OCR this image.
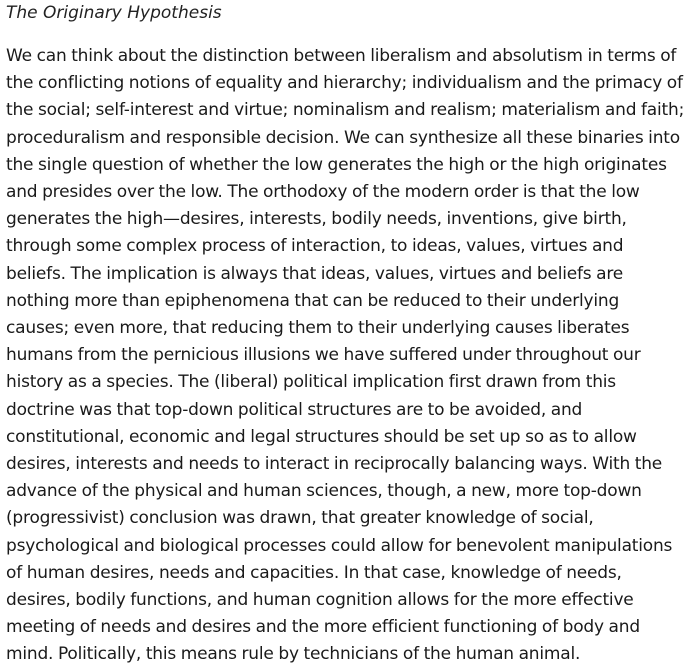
The Originary Hypothesis

We can think about the distinction between liberalism and absolutism in terms of the conflicting notions of equality and hierarchy; individualism and the primacy of the social; self-interest and virtue; nominalism and realism; materialism and faith; proceduralism and responsible decision. We can synthesize all these binaries into the single question of whether the low generates the high or the high originates and presides over the low. The orthodoxy of the modern order is that the low generates the high—desires, interests, bodily needs, inventions, give birth, through some complex process of interaction, to ideas, values, virtues and beliefs. The implication is always that ideas, values, virtues and beliefs are nothing more than epiphenomena that can be reduced to their underlying causes; even more, that reducing them to their underlying causes liberates humans from the pernicious illusions we have suffered under throughout our history as a species. The (liberal) political implication first drawn from this doctrine was that top-down political structures are to be avoided, and constitutional, economic and legal structures should be set up so as to allow desires, interests and needs to interact in reciprocally balancing ways. With the advance of the physical and human sciences, though, a new, more top-down (progressivist) conclusion was drawn, that greater knowledge of social, psychological and biological processes could allow for benevolent manipulations of human desires, needs and capacities. In that case, knowledge of needs, desires, bodily functions, and human cognition allows for the more effective meeting of needs and desires and the more efficient functioning of body and mind. Politically, this means rule by technicians of the human animal.
